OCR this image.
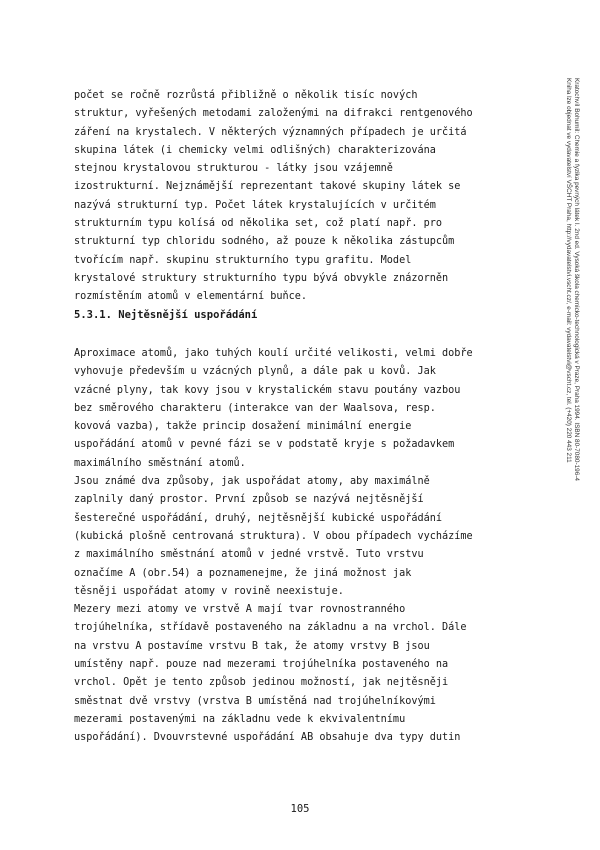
počet se ročně rozrůstá přibližně o několik tisíc nových

struktur, vyřešených metodami založenými na difrakci rentgenového

záření na krystalech. V některých významných případech je určitá

skupina látek (i chemicky velmi odlišných) charakterizována

stejnou krystalovou strukturou - látky jsou vzájemně

izostrukturní. Nejznámější reprezentant takové skupiny látek se

nazývá strukturní typ. Počet látek krystalujících v určitém

strukturním typu kolísá od několika set, což platí např. pro

strukturní typ chloridu sodného, až pouze k několika zástupcům

tvořícím např. skupinu strukturního typu grafitu. Model

krystalové struktury strukturního typu bývá obvykle znázorněn

rozmístěním atomů v elementární buňce.

5.3.1. Nejtěsnější uspořádání

Aproximace atomů, jako tuhých koulí určité velikosti, velmi dobře

vyhovuje především u vzácných plynů, a dále pak u kovů. Jak

vzácné plyny, tak kovy jsou v krystalickém stavu poutány vazbou

bez směrového charakteru (interakce van der Waalsova, resp.

kovová vazba), takže princip dosažení minimální energie

uspořádání atomů v pevné fázi se v podstatě kryje s požadavkem

maximálního směstnání atomů.

Jsou známé dva způsoby, jak uspořádat atomy, aby maximálně

zaplnily daný prostor. První způsob se nazývá nejtěsnější

šesterečné uspořádání, druhý, nejtěsnější kubické uspořádání

(kubická plošně centrovaná struktura). V obou případech vycházíme

z maximálního směstnání atomů v jedné vrstvě. Tuto vrstvu

označíme A (obr.54) a poznamenejme, že jiná možnost jak

těsněji uspořádat atomy v rovině neexistuje.

Mezery mezi atomy ve vrstvě A mají tvar rovnostranného

trojúhelníka, střídavě postaveného na základnu a na vrchol. Dále

na vrstvu A postavíme vrstvu B tak, že atomy vrstvy B jsou

umístěny např. pouze nad mezerami trojúhelníka postaveného na

vrchol. Opět je tento způsob jedinou možností, jak nejtěsněji

směstnat dvě vrstvy (vrstva B umístěná nad trojúhelníkovými

mezerami postavenými na základnu vede k ekvivalentnímu

uspořádání). Dvouvrstevné uspořádání AB obsahuje dva typy dutin

105
Kratochvíl Bohumil: Chemie a fyzika pevných látek I. 2nd ed. Vysoká škola chemicko-technologická v Praze, Praha 1994. ISBN 80-7080-196-4
Kniha lze objednat ve vydavatelství VŠCHT Praha, http://vydavatelstvi.vscht.cz/, e-mail: vydavatelstvi@vscht.cz, tel. (+420) 220 443 211
